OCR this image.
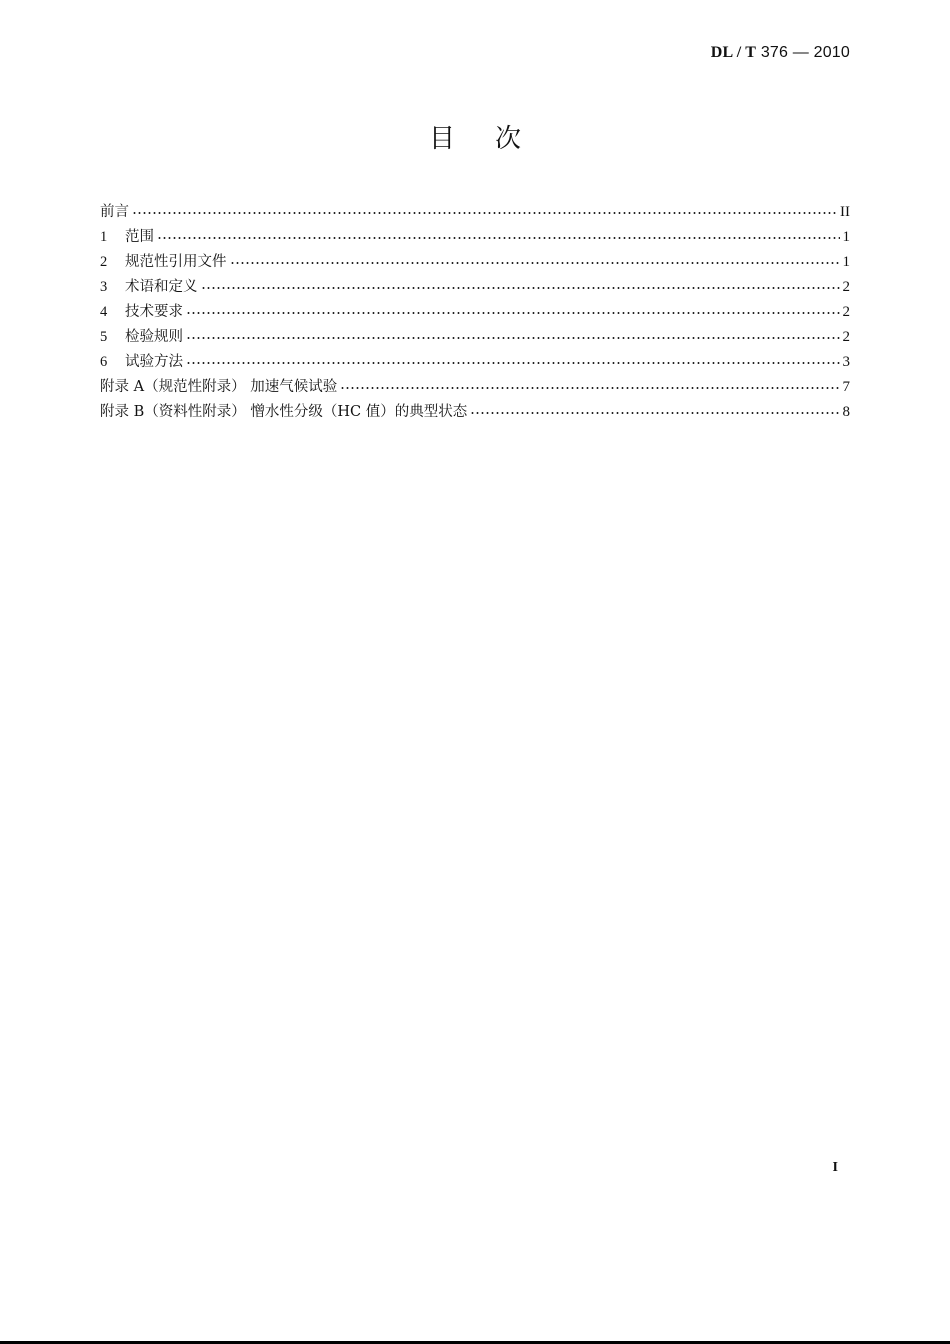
DL / T 376 — 2010
目次
前言	II
1 范围	1
2 规范性引用文件	1
3 术语和定义	2
4 技术要求	2
5 检验规则	2
6 试验方法	3
附录 A（规范性附录） 加速气候试验	7
附录 B（资料性附录） 憎水性分级（HC 值）的典型状态	8
I
